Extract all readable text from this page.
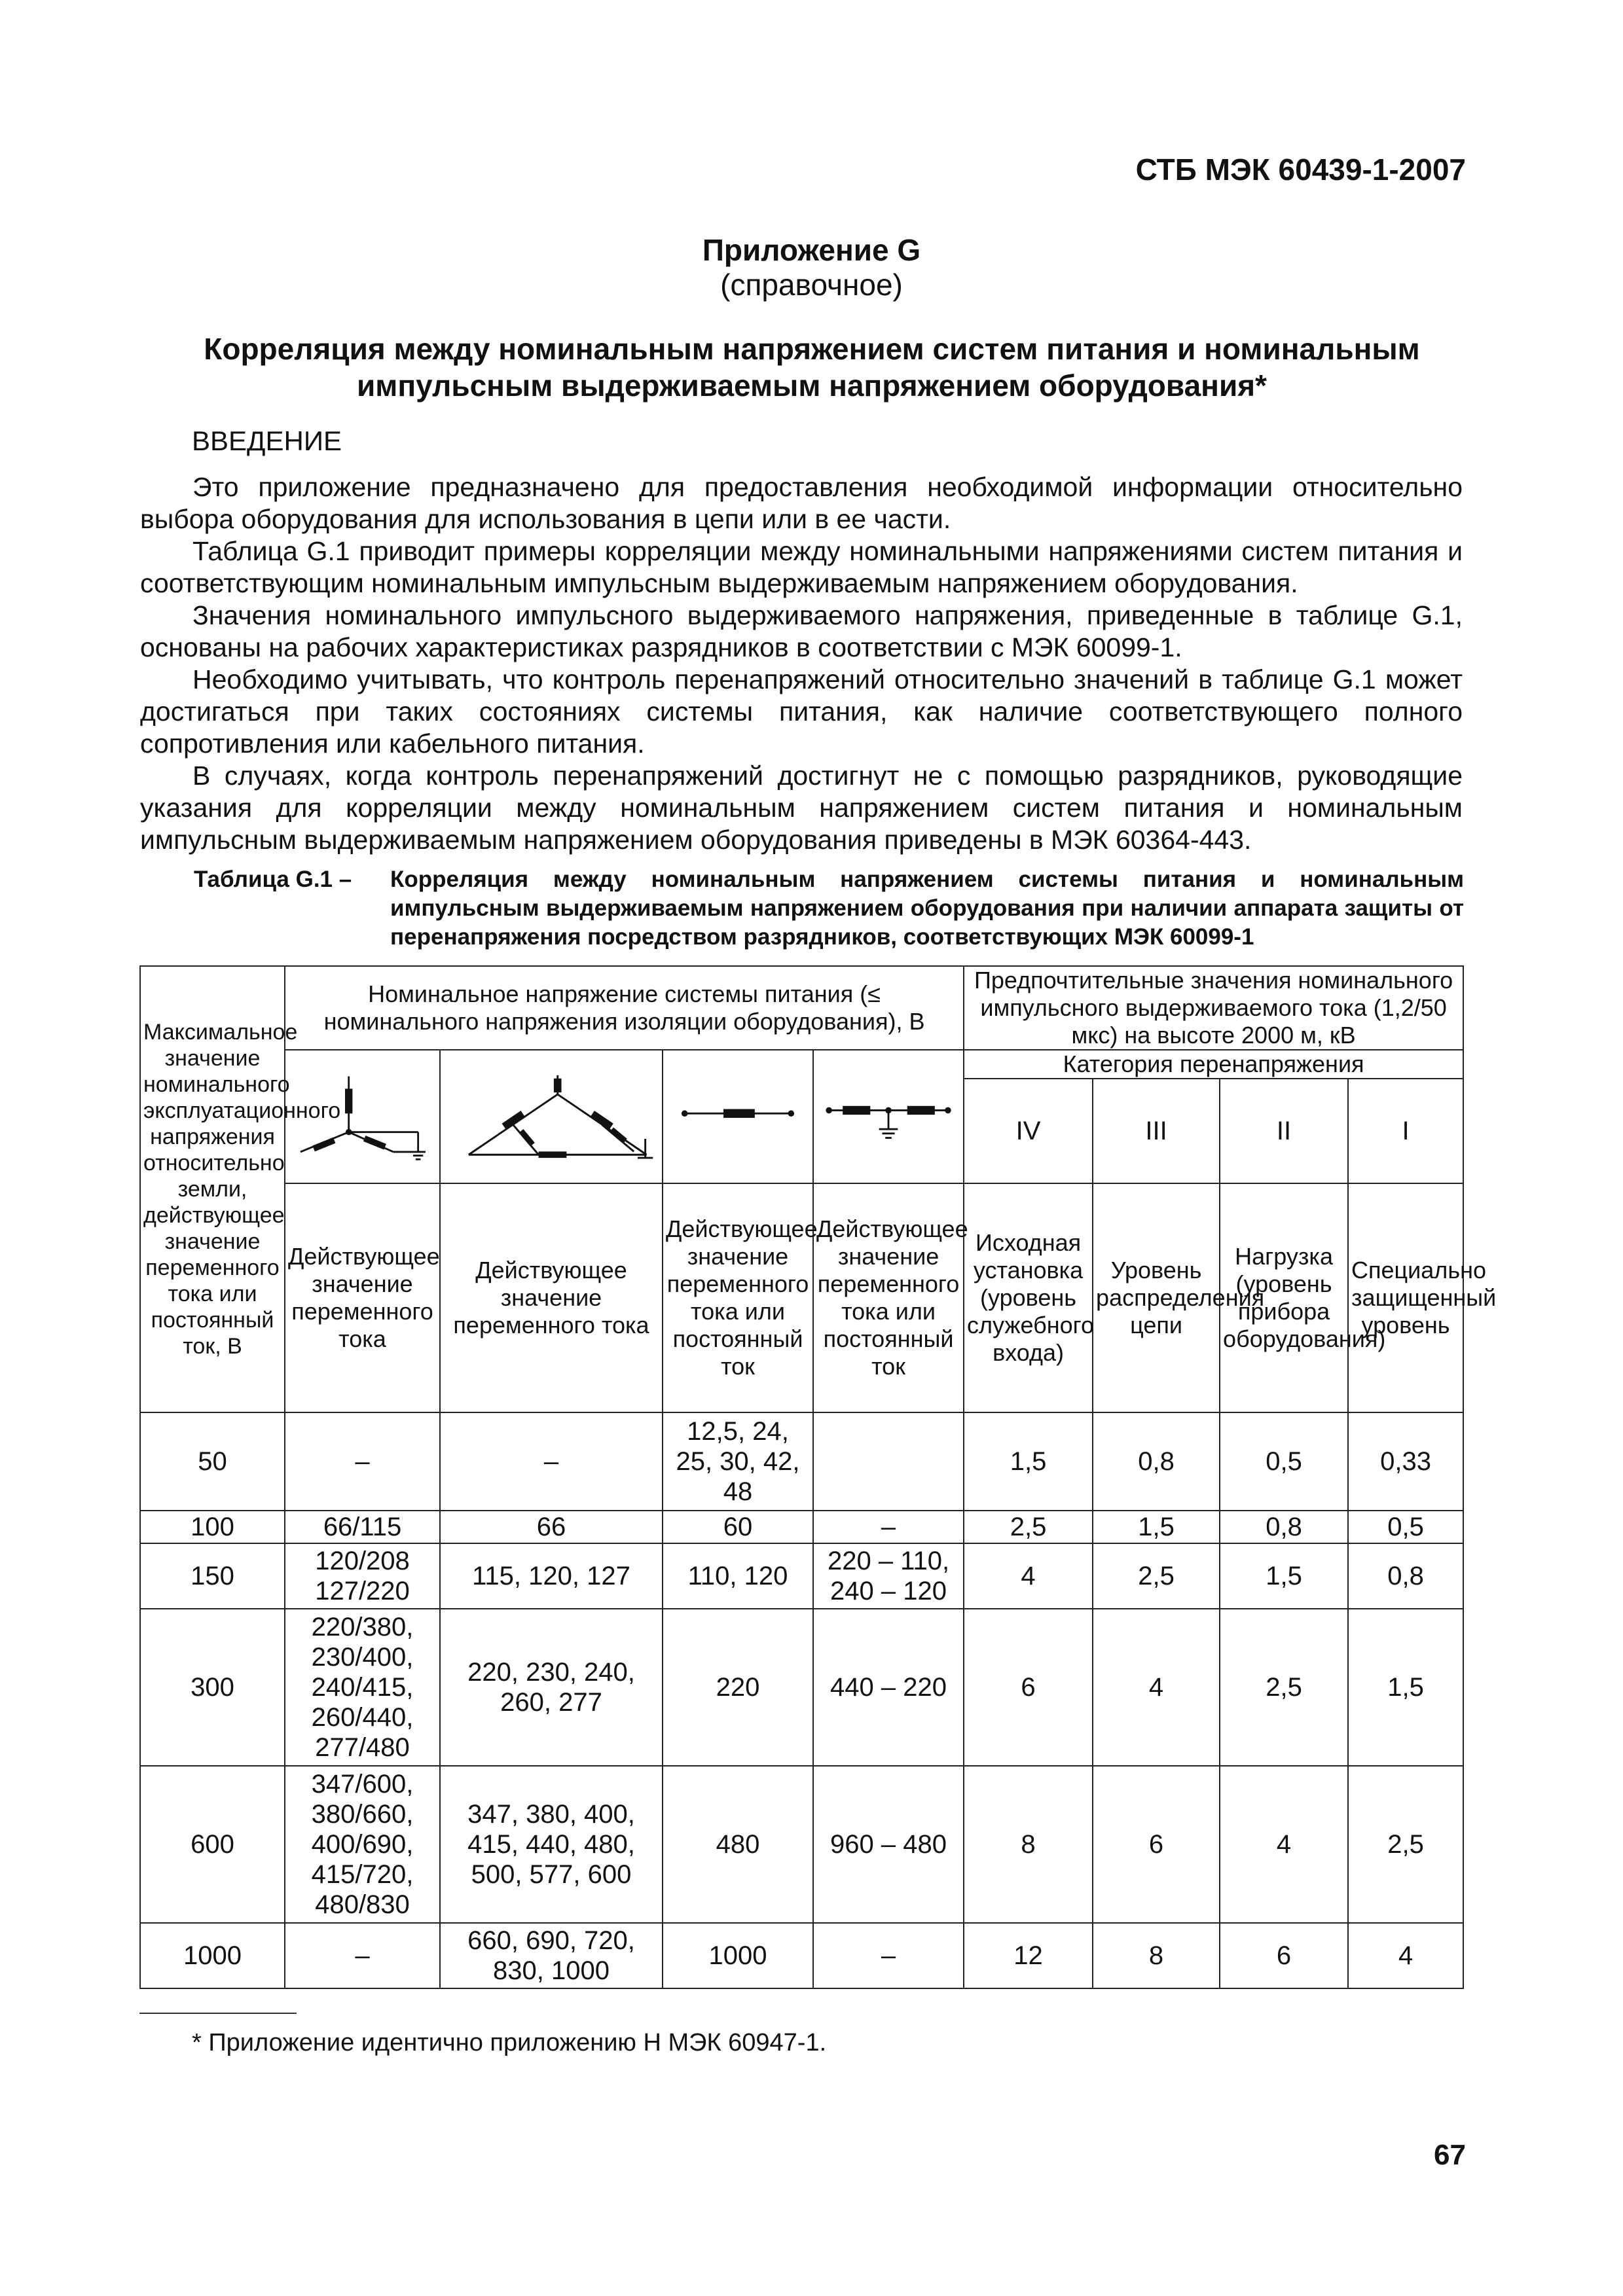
СТБ МЭК 60439-1-2007
Приложение G
(справочное)
Корреляция между номинальным напряжением систем питания и номинальным
импульсным выдерживаемым напряжением оборудования*
ВВЕДЕНИЕ

Это приложение предназначено для предоставления необходимой информации относительно выбора оборудования для использования в цепи или в ее части.

Таблица G.1 приводит примеры корреляции между номинальными напряжениями систем питания и соответствующим номинальным импульсным выдерживаемым напряжением оборудования.

Значения номинального импульсного выдерживаемого напряжения, приведенные в таблице G.1, основаны на рабочих характеристиках разрядников в соответствии с МЭК 60099-1.

Необходимо учитывать, что контроль перенапряжений относительно значений в таблице G.1 может достигаться при таких состояниях системы питания, как наличие соответствующего полного сопротивления или кабельного питания.

В случаях, когда контроль перенапряжений достигнут не с помощью разрядников, руководящие указания для корреляции между номинальным напряжением систем питания и номинальным импульсным выдерживаемым напряжением оборудования приведены в МЭК 60364-443.

Таблица G.1 –	Корреляция между номинальным напряжением системы питания и номинальным импульсным выдерживаемым напряжением оборудования при наличии аппарата защиты от перенапряжения посредством разрядников, соответствующих МЭК 60099-1
Максимальное значение номинального эксплуатационного напряжения относительно земли, действующее значение переменного тока или постоянный ток, В	Номинальное напряжение системы питания (≤ номинального напряжения изоляции оборудования), В				Предпочтительные значения номинального импульсного выдерживаемого тока (1,2/50 мкс) на высоте 2000 м, кВ			

	Категория перенапряжения			
					IV	III	II	I
	Действующее значение переменного тока	Действующее значение переменного тока	Действующее значение переменного тока или постоянный ток	Действующее значение переменного тока или постоянный ток	Исходная установка (уровень служебного входа)	Уровень распределения цепи	Нагрузка (уровень прибора оборудования)	Специально защищенный уровень
50	–	–	12,5, 24, 25, 30, 42, 48		1,5	0,8	0,5	0,33
100	66/115	66	60	–	2,5	1,5	0,8	0,5
150	120/208 127/220	115, 120, 127	110, 120	220 – 110, 240 – 120	4	2,5	1,5	0,8
300	220/380, 230/400, 240/415, 260/440, 277/480	220, 230, 240, 260, 277	220	440 – 220	6	4	2,5	1,5
600	347/600, 380/660, 400/690, 415/720, 480/830	347, 380, 400, 415, 440, 480, 500, 577, 600	480	960 – 480	8	6	4	2,5
1000	–	660, 690, 720, 830, 1000	1000	–	12	8	6	4
* Приложение идентично приложению H МЭК 60947-1.
67
